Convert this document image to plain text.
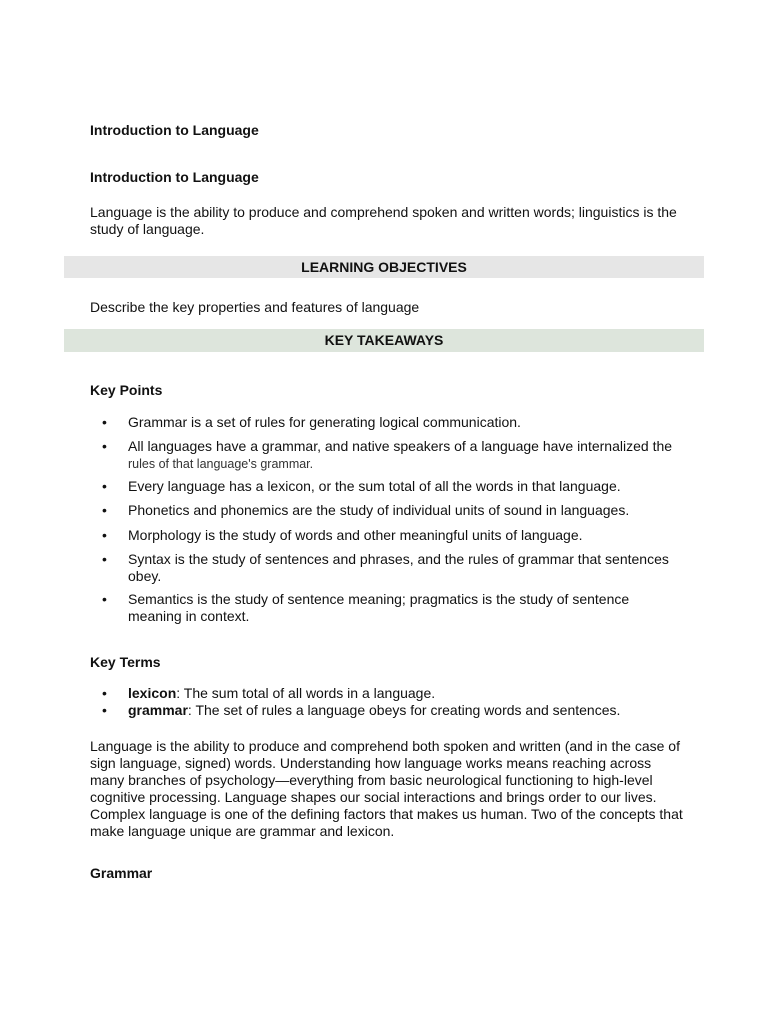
Introduction to Language
Introduction to Language
Language is the ability to produce and comprehend spoken and written words; linguistics is the study of language.
LEARNING OBJECTIVES
Describe the key properties and features of language
KEY TAKEAWAYS
Key Points
• Grammar is a set of rules for generating logical communication.
• All languages have a grammar, and native speakers of a language have internalized the
rules of that language's grammar.
• Every language has a lexicon, or the sum total of all the words in that language.
• Phonetics and phonemics are the study of individual units of sound in languages.
• Morphology is the study of words and other meaningful units of language.
• Syntax is the study of sentences and phrases, and the rules of grammar that sentences obey.
• Semantics is the study of sentence meaning; pragmatics is the study of sentence meaning in context.
Key Terms
• lexicon: The sum total of all words in a language.
• grammar: The set of rules a language obeys for creating words and sentences.
Language is the ability to produce and comprehend both spoken and written (and in the case of sign language, signed) words. Understanding how language works means reaching across many branches of psychology—everything from basic neurological functioning to high-level cognitive processing. Language shapes our social interactions and brings order to our lives. Complex language is one of the defining factors that makes us human. Two of the concepts that make language unique are grammar and lexicon.
Grammar
